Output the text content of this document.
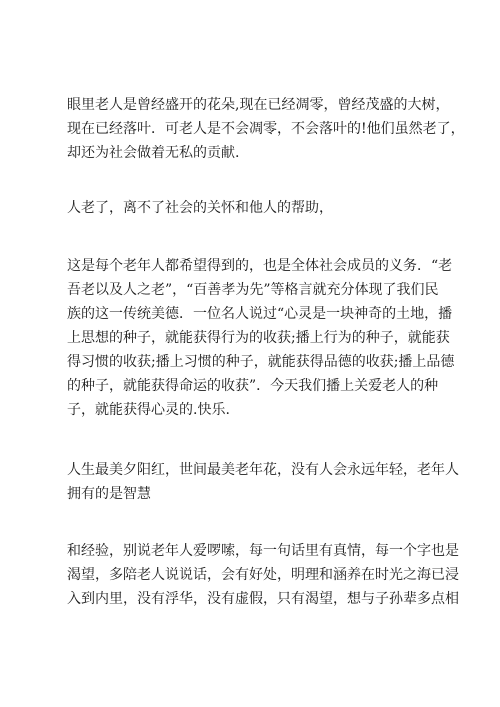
眼里老人是曾经盛开的花朵,现在已经凋零，曾经茂盛的大树，
现在已经落叶．可老人是不会凋零，不会落叶的!他们虽然老了，
却还为社会做着无私的贡献.
人老了，离不了社会的关怀和他人的帮助，
这是每个老年人都希望得到的，也是全体社会成员的义务．“老
吾老以及人之老”，“百善孝为先”等格言就充分体现了我们民
族的这一传统美德．一位名人说过“心灵是一块神奇的土地，播
上思想的种子，就能获得行为的收获;播上行为的种子，就能获
得习惯的收获;播上习惯的种子，就能获得品德的收获;播上品德
的种子，就能获得命运的收获”．今天我们播上关爱老人的种
子，就能获得心灵的.快乐.
人生最美夕阳红，世间最美老年花，没有人会永远年轻，老年人
拥有的是智慧
和经验，别说老年人爱啰嗦，每一句话里有真情，每一个字也是
渴望，多陪老人说说话，会有好处，明理和涵养在时光之海已浸
入到内里，没有浮华，没有虚假，只有渴望，想与子孙辈多点相
